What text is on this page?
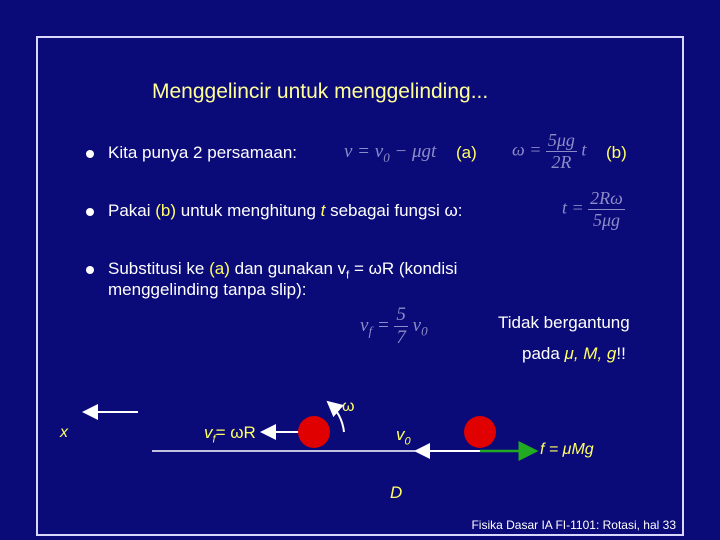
Menggelincir untuk menggelinding...
Kita punya 2 persamaan: $v = v_0 - \mu gt$ (a) $\omega = \frac{5\mu g}{2R}$ t (b)
Pakai (b) untuk menghitung t sebagai fungsi ω:	$t = \frac{2R\omega}{5\mu g}$
Substitusi ke (a) dan gunakan $v_f = \omega R$ (kondisi
menggelinding tanpa slip):
$v_f = \frac{5}{7} v_0$	Tidak bergantung
pada μ, M, g!!
x	$v_f= \omega R$
ω
$v_0$	f = μMg
D
Fisika Dasar IA FI-1101: Rotasi, hal 33
